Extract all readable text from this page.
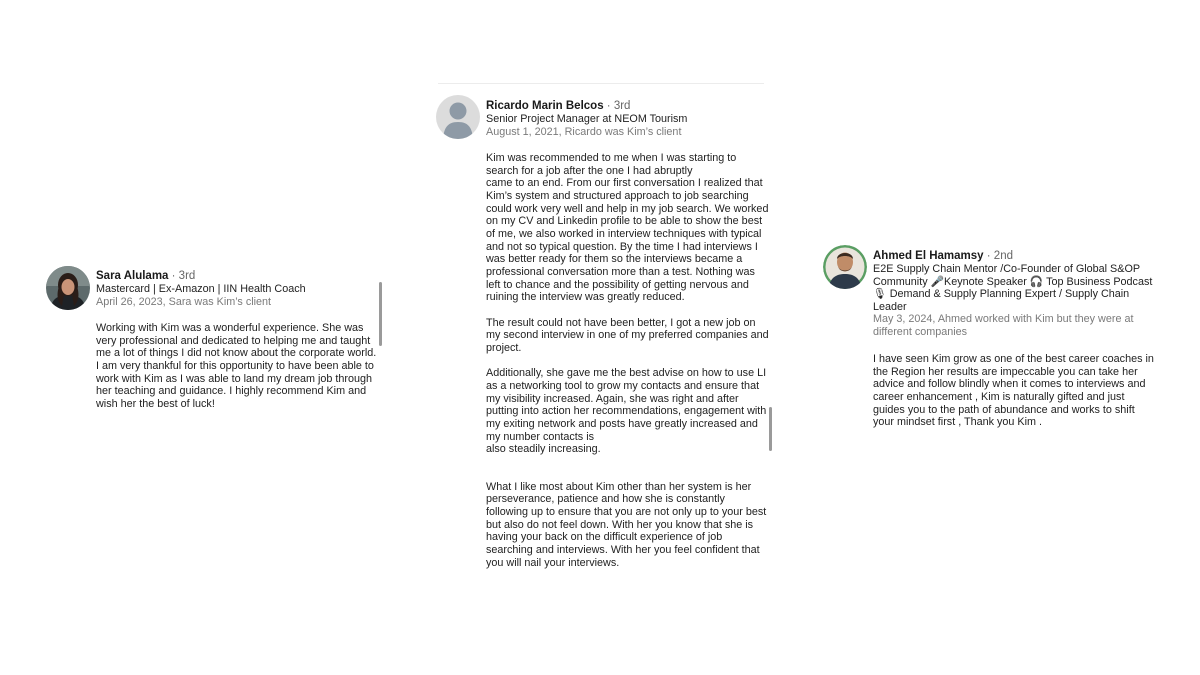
Sara Alulama · 3rd
Mastercard | Ex-Amazon | IIN Health Coach
April 26, 2023, Sara was Kim’s client

Working with Kim was a wonderful experience. She was very professional and dedicated to helping me and taught me a lot of things I did not know about the corporate world. I am very thankful for this opportunity to have been able to work with Kim as I was able to land my dream job through her teaching and guidance. I highly recommend Kim and wish her the best of luck!

Ricardo Marin Belcos · 3rd
Senior Project Manager at NEOM Tourism
August 1, 2021, Ricardo was Kim’s client

Kim was recommended to me when I was starting to search for a job after the one I had abruptly
came to an end. From our first conversation I realized that Kim’s system and structured approach to job searching could work very well and help in my job search. We worked on my CV and Linkedin profile to be able to show the best of me, we also worked in interview techniques with typical and not so typical question. By the time I had interviews I was better ready for them so the interviews became a professional conversation more than a test. Nothing was left to chance and the possibility of getting nervous and ruining the interview was greatly reduced.

The result could not have been better, I got a new job on my second interview in one of my preferred companies and project.

Additionally, she gave me the best advise on how to use LI as a networking tool to grow my contacts and ensure that my visibility increased. Again, she was right and after putting into action her recommendations, engagement with my exiting network and posts have greatly increased and my number contacts is
also steadily increasing.

What I like most about Kim other than her system is her perseverance, patience and how she is constantly following up to ensure that you are not only up to your best but also do not feel down. With her you know that she is having your back on the difficult experience of job searching and interviews. With her you feel confident that you will nail your interviews.

Ahmed El Hamamsy · 2nd
E2E Supply Chain Mentor /Co-Founder of Global S&OP Community 🎤Keynote Speaker 🎧 Top Business Podcast 🎙 Demand & Supply Planning Expert / Supply Chain Leader
May 3, 2024, Ahmed worked with Kim but they were at different companies

I have seen Kim grow as one of the best career coaches in the Region her results are impeccable you can take her advice and follow blindly when it comes to interviews and career enhancement , Kim is naturally gifted and just guides you to the path of abundance and works to shift your mindset first , Thank you Kim .
